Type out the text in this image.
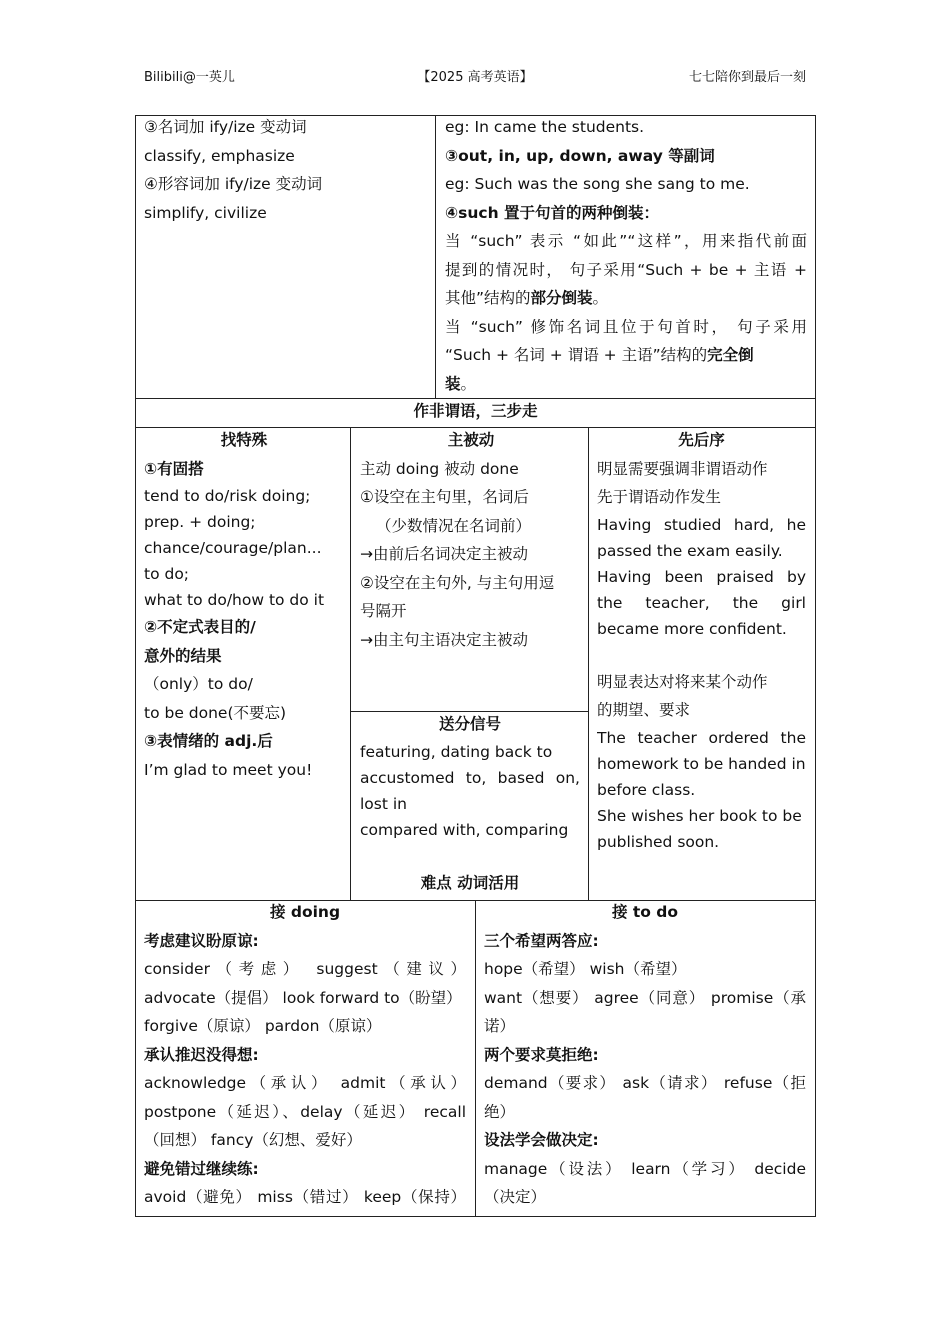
Bilibili@一英儿	【2025 高考英语】	七七陪你到最后一刻
③名词加 ify/ize 变动词
classify, emphasize
④形容词加 ify/ize 变动词
simplify, civilize
eg: In came the students.
③out, in, up, down, away 等副词
eg: Such was the song she sang to me.
④such 置于句首的两种倒装：
当 “such” 表示 “如此”“这样”，用来指代前面
提到的情况时， 句子采用“Such + be + 主语 +
其他”结构的部分倒装。
当 “such” 修饰名词且位于句首时， 句子采用
“Such + 名词 + 谓语 + 主语”结构的完全倒
装。
作非谓语，三步走
找特殊
①有固搭
tend to do/risk doing;
prep. + doing;
chance/courage/plan...
to do;
what to do/how to do it
②不定式表目的/
意外的结果
（only）to do/
to be done(不要忘)
③表情绪的 adj.后
I’m glad to meet you!
主被动
主动 doing 被动 done
①设空在主句里，名词后
（少数情况在名词前）
→由前后名词决定主被动
②设空在主句外, 与主句用逗
号隔开
→由主句主语决定主被动
送分信号
featuring, dating back to
accustomed to, based on,
lost in
compared with, comparing
难点 动词活用
先后序
明显需要强调非谓语动作
先于谓语动作发生
Having studied hard, he
passed the exam easily.
Having been praised by
the teacher, the girl
became more confident.
明显表达对将来某个动作
的期望、要求
The teacher ordered the
homework to be handed in
before class.
She wishes her book to be
published soon.
接 doing
考虑建议盼原谅:
consider（考虑） suggest（建议）
advocate（提倡） look forward to（盼望）
forgive（原谅） pardon（原谅）
承认推迟没得想:
acknowledge（承认） admit（承认）
postpone（延迟）、delay（延迟） recall
（回想） fancy（幻想、爱好）
避免错过继续练:
avoid（避免） miss（错过） keep（保持）
接 to do
三个希望两答应:
hope（希望） wish（希望）
want（想要） agree（同意） promise（承
诺）
两个要求莫拒绝:
demand（要求） ask（请求） refuse（拒
绝）
设法学会做决定:
manage（设法） learn（学习） decide
（决定）
